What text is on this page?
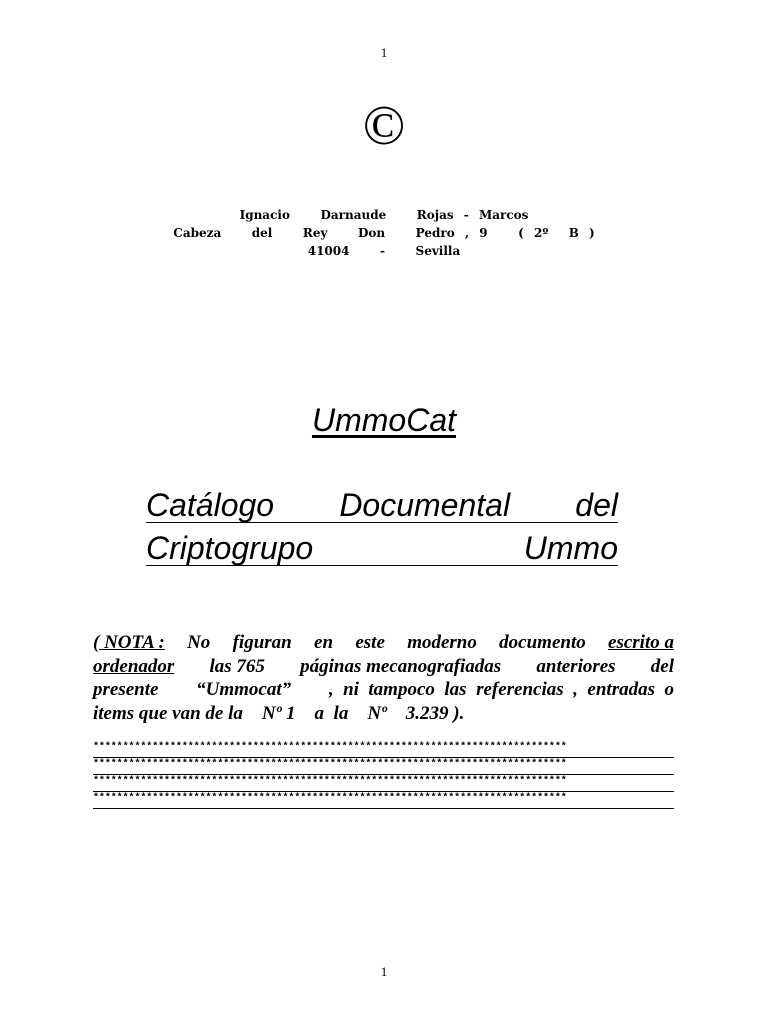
1
©
Ignacio   Darnaude   Rojas - Marcos
Cabeza   del   Rey   Don   Pedro , 9   ( 2º  B )
41004   -   Sevilla
UmmoCat
Catálogo Documental del
Criptogrupo	Ummo
( NOTA : No figuran en este moderno documento escrito a
ordenador las 765 páginas mecanografiadas anteriores del
presente “Ummocat” ,  ni  tampoco  las  referencias  ,  entradas  o
items que van de la    Nº 1    a  la    Nº    3.239 ).
********************************************************************************
********************************************************************************
********************************************************************************
********************************************************************************
1
